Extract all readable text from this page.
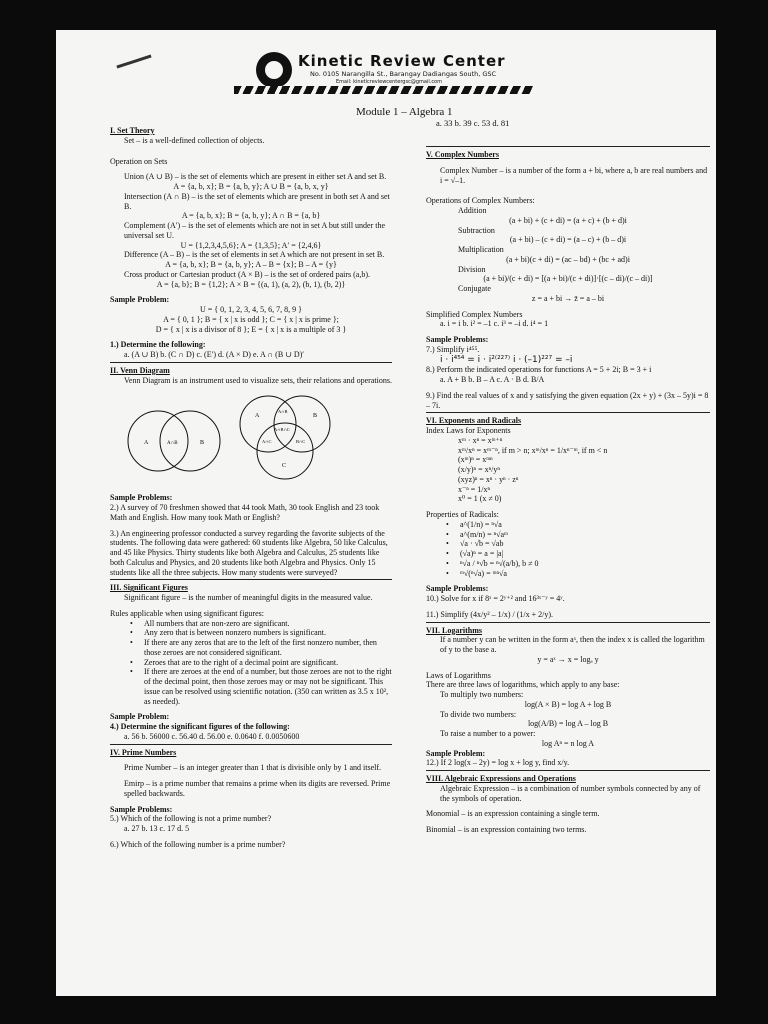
Kinetic Review Center
No. 0105 Narangilla St., Barangay Dadiangas South, GSC
Email: kineticreviewcentergsc@gmail.com
Module 1 – Algebra 1
a. 33 b. 39 c. 53 d. 81

I. Set Theory

Set – is a well-defined collection of objects.

Operation on Sets

Union (A ∪ B) – is the set of elements which are present in either set A and set B.

A = {a, b, x}; B = {a, b, y}; A ∪ B = {a, b, x, y}

Intersection (A ∩ B) – is the set of elements which are present in both set A and set B.

A = {a, b, x}; B = {a, b, y}; A ∩ B = {a, b}

Complement (A′) – is the set of elements which are not in set A but still under the universal set U.

U = {1,2,3,4,5,6}; A = {1,3,5}; A′ = {2,4,6}

Difference (A – B) – is the set of elements in set A which are not present in set B.

A = {a, b, x}; B = {a, b, y}; A – B = {x}; B – A = {y}

Cross product or Cartesian product (A × B) – is the set of ordered pairs (a,b).

A = {a, b}; B = {1,2}; A × B = {(a, 1), (a, 2), (b, 1), (b, 2)}

Sample Problem:

U = { 0, 1, 2, 3, 4, 5, 6, 7, 8, 9 }

A = { 0, 1 }; B = { x | x is odd }; C = { x | x is prime };

D = { x | x is a divisor of 8 }; E = { x | x is a multiple of 3 }

1.) Determine the following:

a. (A ∪ B) b. (C ∩ D) c. (E′) d. (A × D) e. A ∩ (B ∪ D)′

II. Venn Diagram

Venn Diagram is an instrument used to visualize sets, their relations and operations.

A	A∩B	B
A	B
C
A∩B
A∩B∩C
A∩C	B∩C

Sample Problems:

2.) A survey of 70 freshmen showed that 44 took Math, 30 took English and 23 took Math and English. How many took Math or English?

3.) An engineering professor conducted a survey regarding the favorite subjects of the students. The following data were gathered: 60 students like Algebra, 50 like Calculus, and 45 like Physics. Thirty students like both Algebra and Calculus, 25 students like both Calculus and Physics, and 20 students like both Algebra and Physics. Only 15 students like all the three subjects. How many students were surveyed?

III. Significant Figures

Significant figure – is the number of meaningful digits in the measured value.

Rules applicable when using significant figures:

• All numbers that are non-zero are significant.

• Any zero that is between nonzero numbers is significant.

• If there are any zeros that are to the left of the first nonzero number, then those zeroes are not considered significant.

• Zeroes that are to the right of a decimal point are significant.

• If there are zeroes at the end of a number, but those zeroes are not to the right of the decimal point, then those zeroes may or may not be significant. This issue can be resolved using scientific notation. (350 can written as 3.5 x 10², as needed).

Sample Problem:

4.) Determine the significant figures of the following:

a. 56 b. 56000 c. 56.40 d. 56.00 e. 0.0640 f. 0.0050600

IV. Prime Numbers

Prime Number – is an integer greater than 1 that is divisible only by 1 and itself.

Emirp – is a prime number that remains a prime when its digits are reversed. Prime spelled backwards.

Sample Problems:

5.) Which of the following is not a prime number?

a. 27 b. 13 c. 17 d. 5

6.) Which of the following number is a prime number?

V. Complex Numbers

Complex Number – is a number of the form a + bi, where a, b are real numbers and i = √–1.

Operations of Complex Numbers:

Addition

(a + bi) + (c + di) = (a + c) + (b + d)i

Subtraction

(a + bi) – (c + di) = (a – c) + (b – d)i

Multiplication

(a + bi)(c + di) = (ac – bd) + (bc + ad)i

Division

(a + bi)/(c + di) = [(a + bi)/(c + di)]·[(c – di)/(c – di)]

Conjugate

z = a + bi → z̄ = a – bi

Simplified Complex Numbers

a. i = i b. i² = –1 c. i³ = –i d. i⁴ = 1

Sample Problems:

7.) Simplify i⁴⁵⁵.

i · i⁴⁵⁴ = i · i²⁽²²⁷⁾ i · (–1)²²⁷ = –i

8.) Perform the indicated operations for functions A = 5 + 2i; B = 3 + i

a. A + B b. B – A c. A · B d. B/A

9.) Find the real values of x and y satisfying the given equation (2x + y) + (3x – 5y)i = 8 – 7i.

VI. Exponents and Radicals

Index Laws for Exponents

xᵐ · xⁿ = xᵐ⁺ⁿ

xᵐ/xⁿ = xᵐ⁻ⁿ, if m > n; xᵐ/xⁿ = 1/xⁿ⁻ᵐ, if m < n

(xᵐ)ⁿ = xᵐⁿ

(x/y)ⁿ = xⁿ/yⁿ

(xyz)ⁿ = xⁿ · yⁿ · zⁿ

x⁻ⁿ = 1/xⁿ

x⁰ = 1 (x ≠ 0)

Properties of Radicals:

• a^(1/n) = ⁿ√a

• a^(m/n) = ⁿ√aᵐ

• √a · √b = √ab

• (√a)ⁿ = a = |a|

• ⁿ√a / ⁿ√b = ⁿ√(a/b), b ≠ 0

• ᵐ√(ⁿ√a) = ᵐⁿ√a

Sample Problems:

10.) Solve for x if 8ˣ = 2ʸ⁺² and 16³ˣ⁻ʸ = 4ʸ.

11.) Simplify (4x/y² – 1/x) / (1/x + 2/y).

VII. Logarithms

If a number y can be written in the form aˣ, then the index x is called the logarithm of y to the base a.

y = aˣ → x = logₐ y

Laws of Logarithms

There are three laws of logarithms, which apply to any base:

To multiply two numbers:

log(A × B) = log A + log B

To divide two numbers:

log(A/B) = log A – log B

To raise a number to a power:

log Aⁿ = n log A

Sample Problem:

12.) If 2 log(x – 2y) = log x + log y, find x/y.

VIII. Algebraic Expressions and Operations

Algebraic Expression – is a combination of number symbols connected by any of the symbols of operation.

Monomial – is an expression containing a single term.

Binomial – is an expression containing two terms.
